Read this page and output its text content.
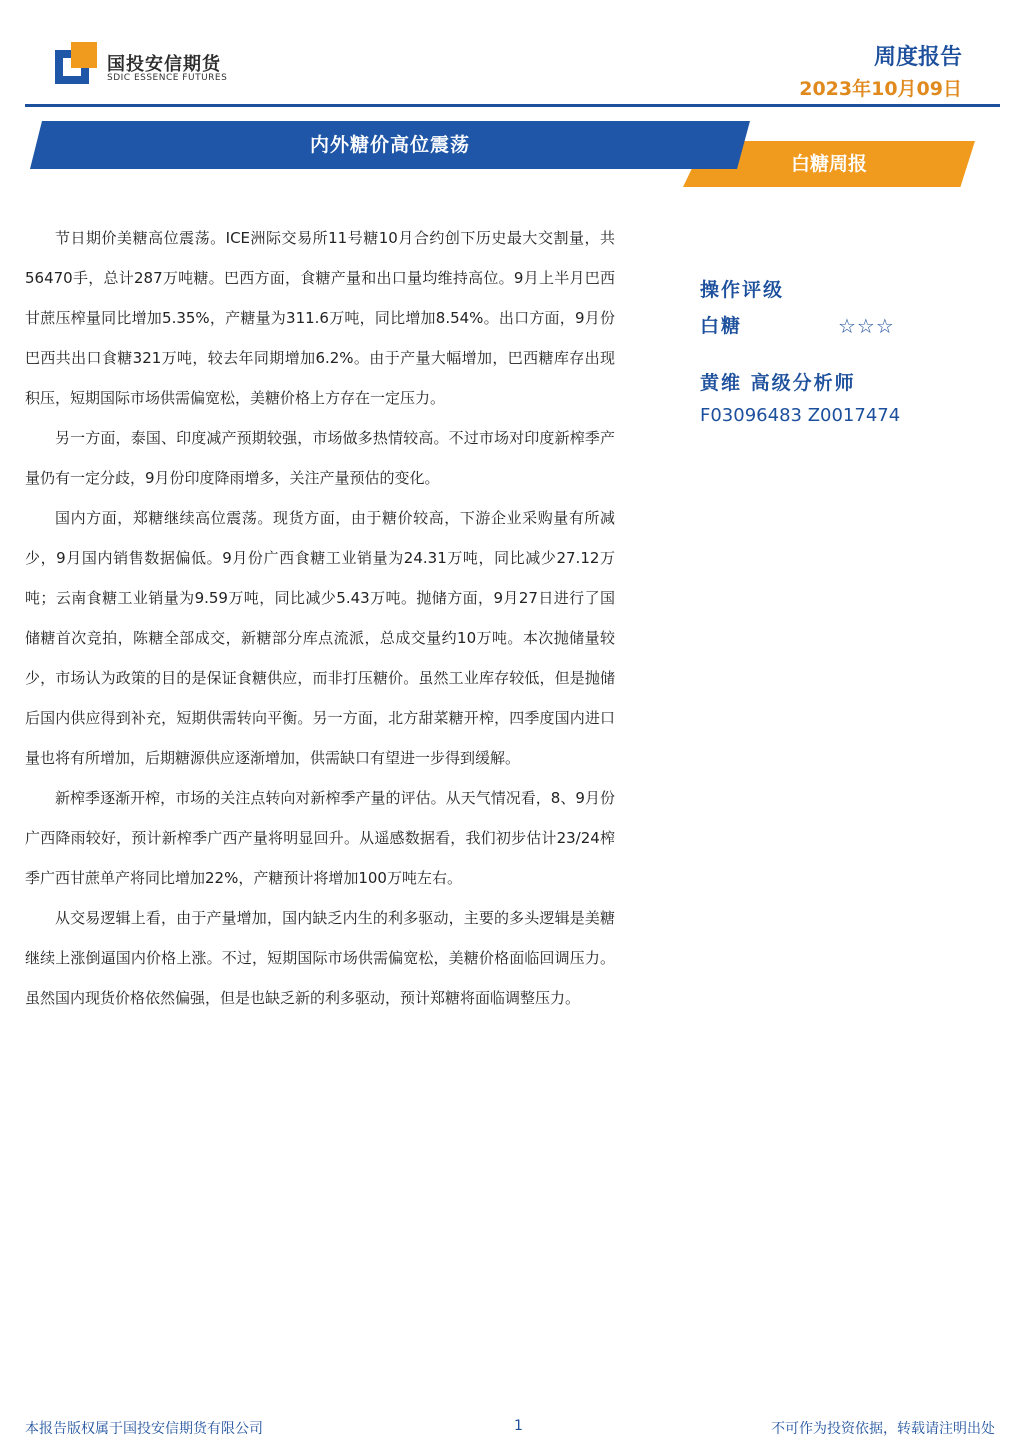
国投安信期货
SDIC ESSENCE FUTURES
周度报告
2023年10月09日
白糖周报
内外糖价高位震荡

节日期价美糖高位震荡。ICE洲际交易所11号糖10月合约创下历史最大交割量，共56470手，总计287万吨糖。巴西方面，食糖产量和出口量均维持高位。9月上半月巴西甘蔗压榨量同比增加5.35%，产糖量为311.6万吨，同比增加8.54%。出口方面，9月份巴西共出口食糖321万吨，较去年同期增加6.2%。由于产量大幅增加，巴西糖库存出现积压，短期国际市场供需偏宽松，美糖价格上方存在一定压力。

另一方面，泰国、印度减产预期较强，市场做多热情较高。不过市场对印度新榨季产量仍有一定分歧，9月份印度降雨增多，关注产量预估的变化。

国内方面，郑糖继续高位震荡。现货方面，由于糖价较高，下游企业采购量有所减少，9月国内销售数据偏低。9月份广西食糖工业销量为24.31万吨，同比减少27.12万吨；云南食糖工业销量为9.59万吨，同比减少5.43万吨。抛储方面，9月27日进行了国储糖首次竞拍，陈糖全部成交，新糖部分库点流派，总成交量约10万吨。本次抛储量较少，市场认为政策的目的是保证食糖供应，而非打压糖价。虽然工业库存较低，但是抛储后国内供应得到补充，短期供需转向平衡。另一方面，北方甜菜糖开榨，四季度国内进口量也将有所增加，后期糖源供应逐渐增加，供需缺口有望进一步得到缓解。

新榨季逐渐开榨，市场的关注点转向对新榨季产量的评估。从天气情况看，8、9月份广西降雨较好，预计新榨季广西产量将明显回升。从遥感数据看，我们初步估计23/24榨季广西甘蔗单产将同比增加22%，产糖预计将增加100万吨左右。

从交易逻辑上看，由于产量增加，国内缺乏内生的利多驱动，主要的多头逻辑是美糖继续上涨倒逼国内价格上涨。不过，短期国际市场供需偏宽松，美糖价格面临回调压力。虽然国内现货价格依然偏强，但是也缺乏新的利多驱动，预计郑糖将面临调整压力。

操作评级
白糖	☆☆☆
黄维 高级分析师
F03096483 Z0017474
本报告版权属于国投安信期货有限公司	1	不可作为投资依据，转载请注明出处
